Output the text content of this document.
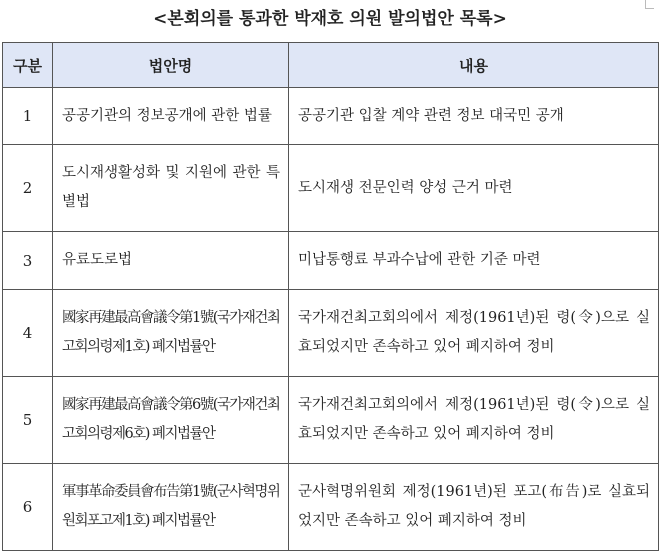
<본회의를 통과한 박재호 의원 발의법안 목록>
구분	법안명	내용
1	공공기관의 정보공개에 관한 법률	공공기관 입찰 계약 관련 정보 대국민 공개
2	도시재생활성화 및 지원에 관한 특별법	도시재생 전문인력 양성 근거 마련
3	유료도로법	미납통행료 부과수납에 관한 기준 마련
4	國家再建最高會議令第1號(국가재건최고회의령제1호) 폐지법률안	국가재건최고회의에서 제정(1961년)된 령(令)으로 실효되었지만 존속하고 있어 폐지하여 정비
5	國家再建最高會議令第6號(국가재건최고회의령제6호) 폐지법률안	국가재건최고회의에서 제정(1961년)된 령(令)으로 실효되었지만 존속하고 있어 폐지하여 정비
6	軍事革命委員會布告第1號(군사혁명위원회포고제1호) 폐지법률안	군사혁명위원회 제정(1961년)된 포고(布告)로 실효되었지만 존속하고 있어 폐지하여 정비
